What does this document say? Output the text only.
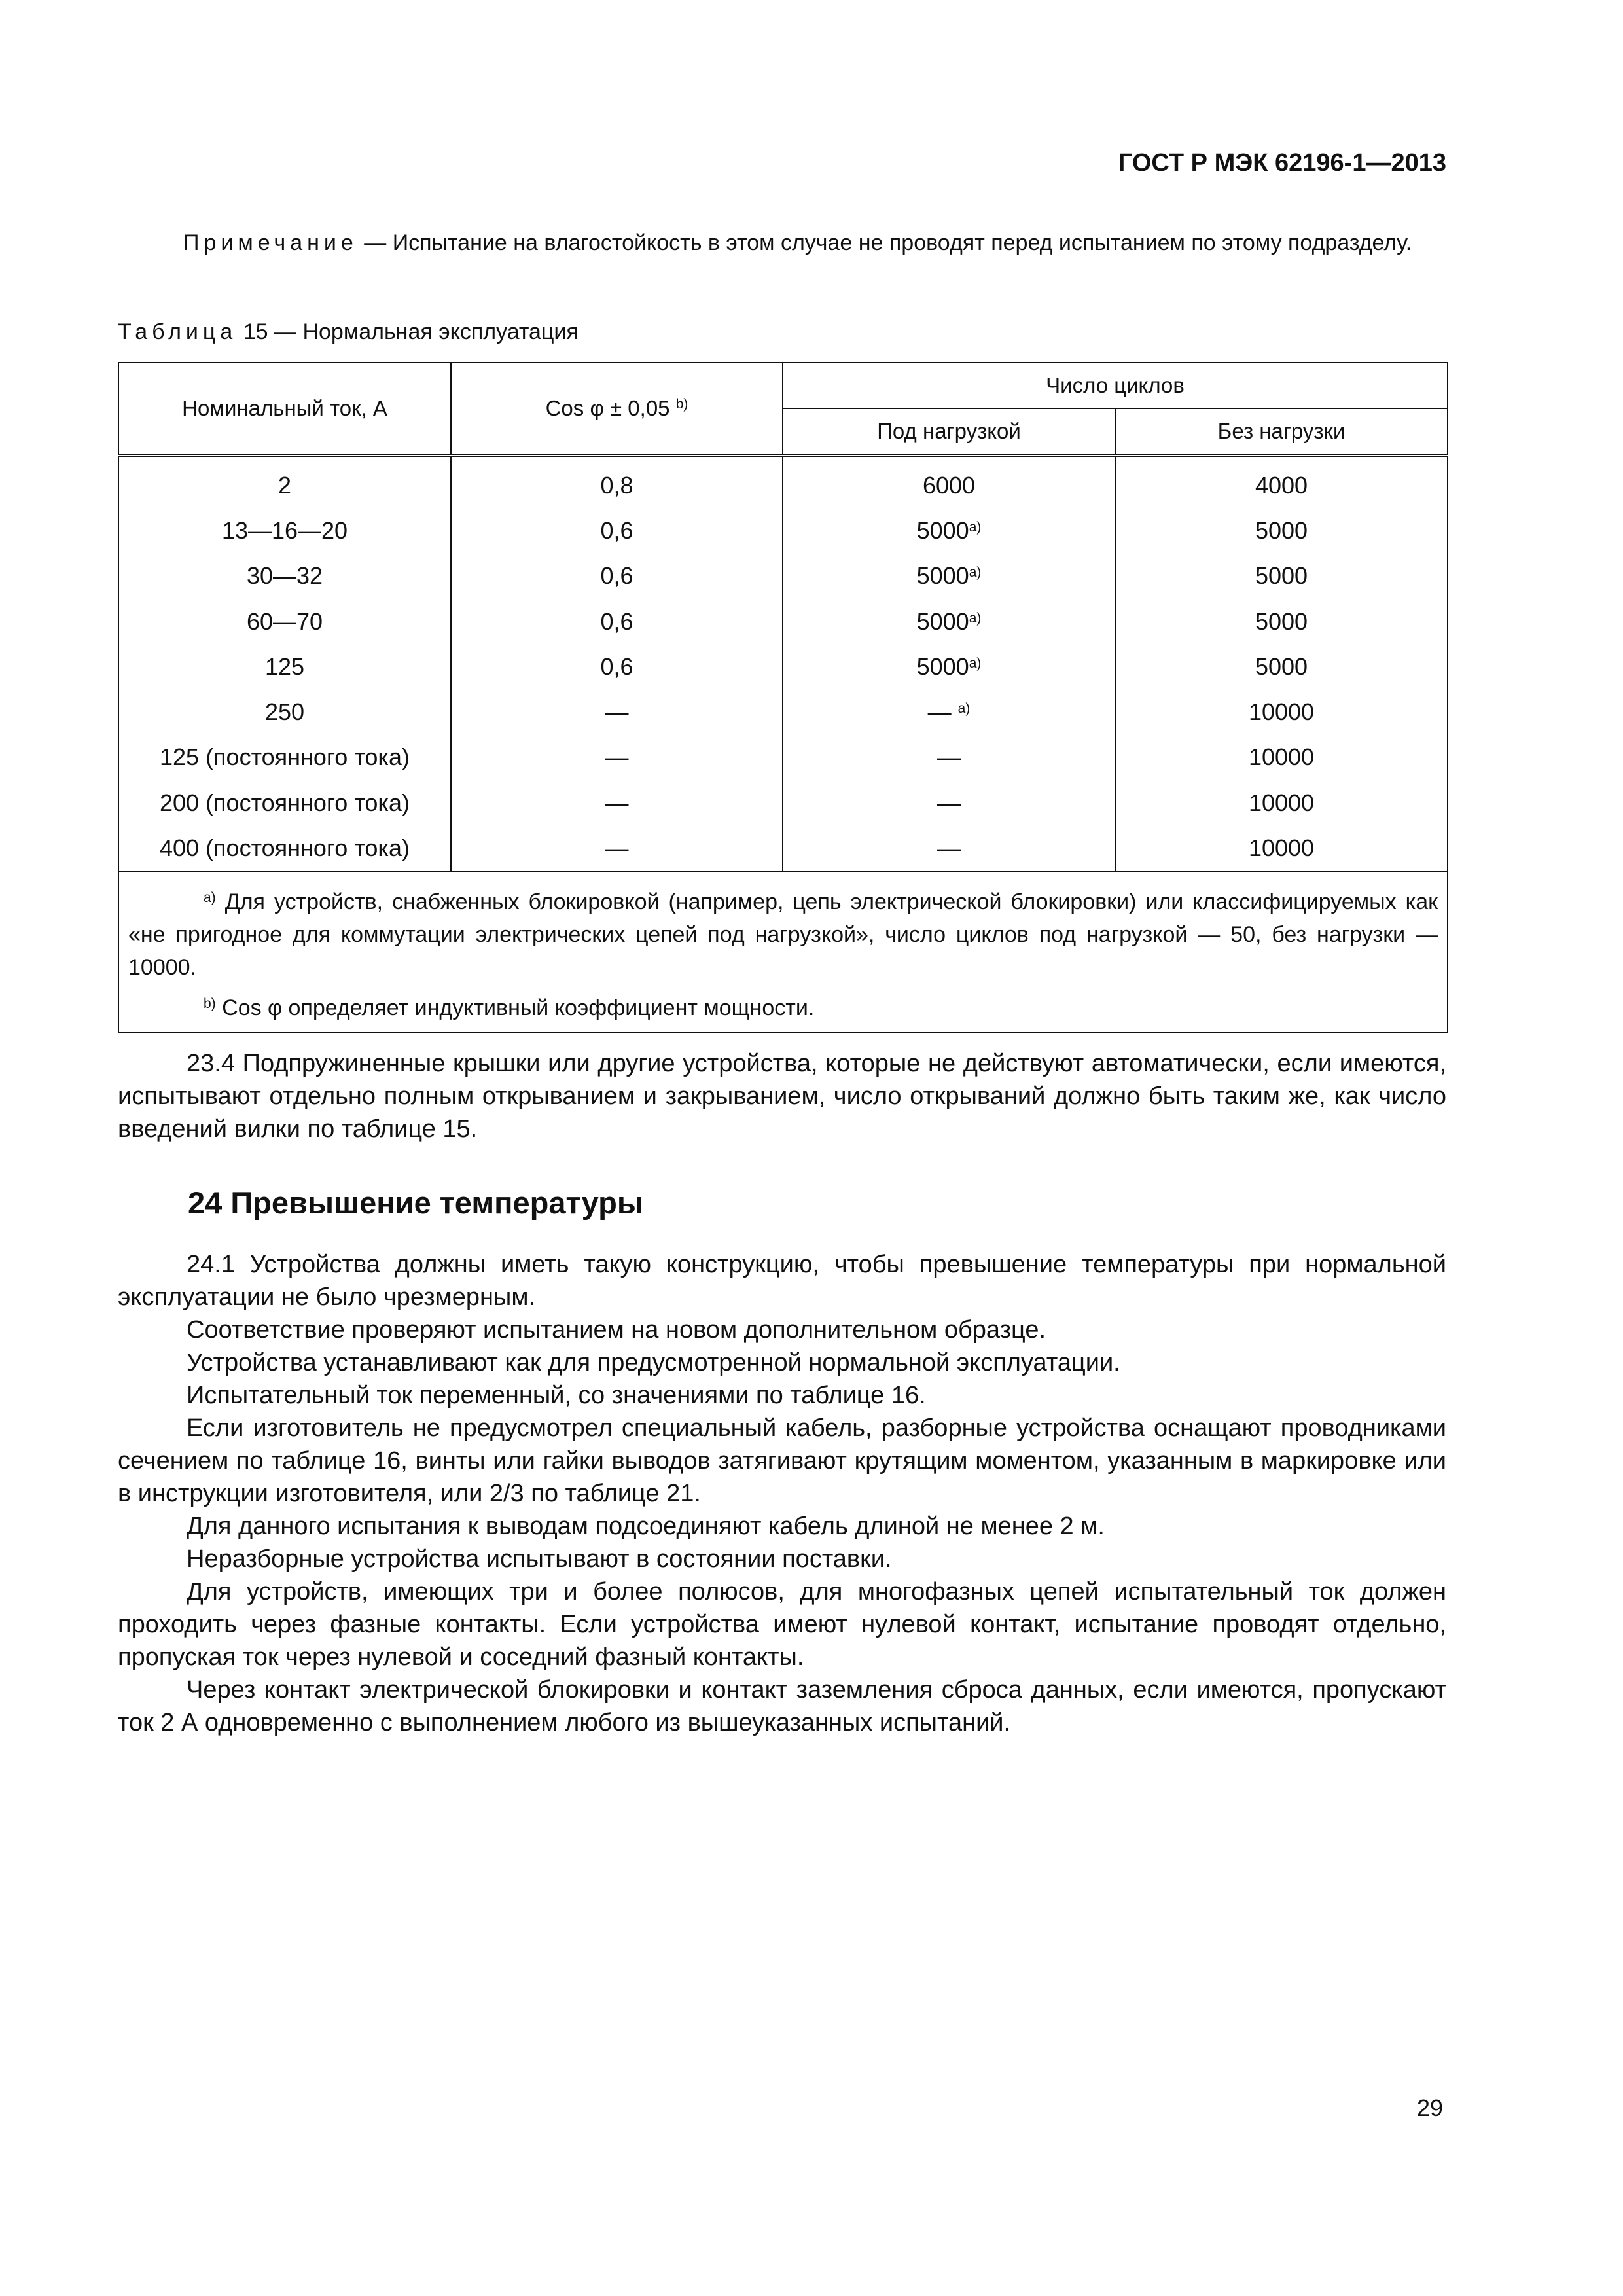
ГОСТ Р МЭК 62196-1—2013
Примечание — Испытание на влагостойкость в этом случае не проводят перед испытанием по этому подразделу.
Таблица 15 — Нормальная эксплуатация
Номинальный ток, А	Cos φ ± 0,05 $^{b)}$	Число циклов	
		Под нагрузкой	Без нагрузки
2	0,8	6000	4000
13—16—20	0,6	5000$^{a)}$	5000
30—32	0,6	5000$^{a)}$	5000
60—70	0,6	5000$^{a)}$	5000
125	0,6	5000$^{a)}$	5000
250	—	— $^{a)}$	10000
125 (постоянного тока)	—	—	10000
200 (постоянного тока)	—	—	10000
400 (постоянного тока)	—	—	10000

$^{a)}$ Для устройств, снабженных блокировкой (например, цепь электрической блокировки) или классифицируемых как «не пригодное для коммутации электрических цепей под нагрузкой», число циклов под нагрузкой — 50, без нагрузки — 10000.

$^{b)}$ Cos φ определяет индуктивный коэффициент мощности.			

23.4 Подпружиненные крышки или другие устройства, которые не действуют автоматически, если имеются, испытывают отдельно полным открыванием и закрыванием, число открываний должно быть таким же, как число введений вилки по таблице 15.

24 Превышение температуры

24.1 Устройства должны иметь такую конструкцию, чтобы превышение температуры при нормальной эксплуатации не было чрезмерным.

Соответствие проверяют испытанием на новом дополнительном образце.

Устройства устанавливают как для предусмотренной нормальной эксплуатации.

Испытательный ток переменный, со значениями по таблице 16.

Если изготовитель не предусмотрел специальный кабель, разборные устройства оснащают проводниками сечением по таблице 16, винты или гайки выводов затягивают крутящим моментом, указанным в маркировке или в инструкции изготовителя, или 2/3 по таблице 21.

Для данного испытания к выводам подсоединяют кабель длиной не менее 2 м.

Неразборные устройства испытывают в состоянии поставки.

Для устройств, имеющих три и более полюсов, для многофазных цепей испытательный ток должен проходить через фазные контакты. Если устройства имеют нулевой контакт, испытание проводят отдельно, пропуская ток через нулевой и соседний фазный контакты.

Через контакт электрической блокировки и контакт заземления сброса данных, если имеются, пропускают ток 2 А одновременно с выполнением любого из вышеуказанных испытаний.

29
